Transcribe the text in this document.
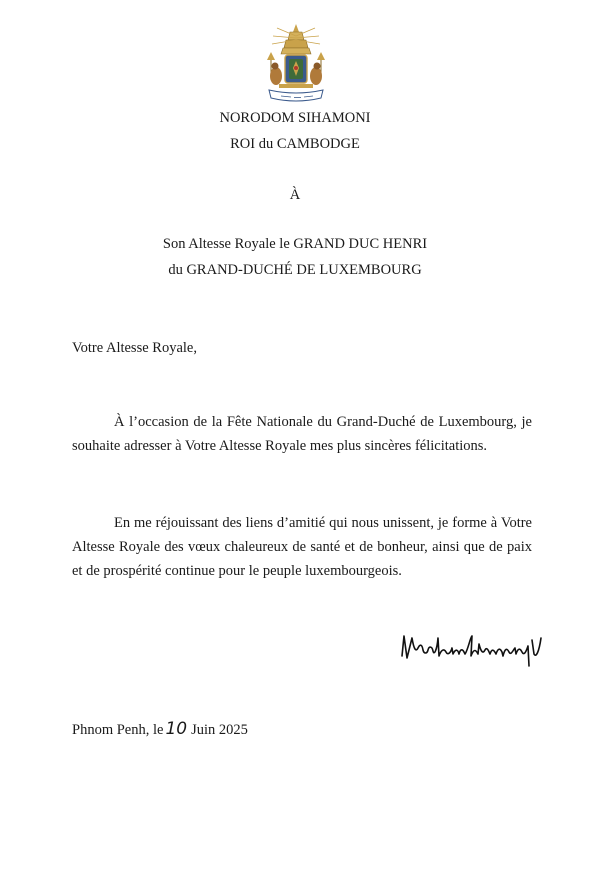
NORODOM SIHAMONI
ROI du CAMBODGE
À
Son Altesse Royale le GRAND DUC HENRI
du GRAND-DUCHÉ DE LUXEMBOURG
Votre Altesse Royale,
À l’occasion de la Fête Nationale du Grand-Duché de Luxembourg, je souhaite adresser à Votre Altesse Royale mes plus sincères félicitations.
En me réjouissant des liens d’amitié qui nous unissent, je forme à Votre Altesse Royale des vœux chaleureux de santé et de bonheur, ainsi que de paix et de prospérité continue pour le peuple luxembourgeois.
Phnom Penh, le 10 Juin 2025
